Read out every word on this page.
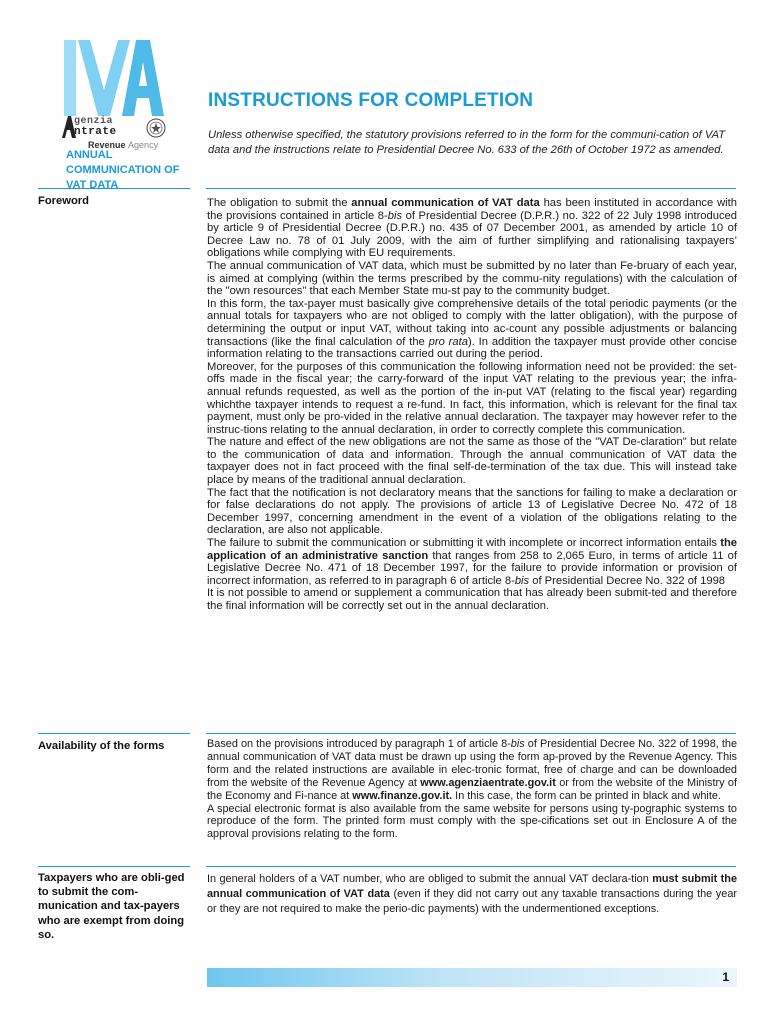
genzia
ntrate
Revenue Agency
ANNUAL COMMUNICATION OF VAT DATA
INSTRUCTIONS FOR COMPLETION
Unless otherwise specified, the statutory provisions referred to in the form for the communi-cation of VAT data and the instructions relate to Presidential Decree No. 633 of the 26th of October 1972 as amended.
Foreword	The obligation to submit the annual communication of VAT data has been instituted in accordance with the provisions contained in article 8-bis of Presidential Decree (D.P.R.) no. 322 of 22 July 1998 introduced by article 9 of Presidential Decree (D.P.R.) no. 435 of 07 December 2001, as amended by article 10 of Decree Law no. 78 of 01 July 2009, with the aim of further simplifying and rationalising taxpayers’ obligations while complying with EU requirements.

The annual communication of VAT data, which must be submitted by no later than Fe-bruary of each year, is aimed at complying (within the terms prescribed by the commu-nity regulations) with the calculation of the "own resources" that each Member State mu-st pay to the community budget.

In this form, the tax-payer must basically give comprehensive details of the total periodic payments (or the annual totals for taxpayers who are not obliged to comply with the latter obligation), with the purpose of determining the output or input VAT, without taking into ac-count any possible adjustments or balancing transactions (like the final calculation of the pro rata). In addition the taxpayer must provide other concise information relating to the transactions carried out during the period.

Moreover, for the purposes of this communication the following information need not be provided: the set-offs made in the fiscal year; the carry-forward of the input VAT relating to the previous year; the infra-annual refunds requested, as well as the portion of the in-put VAT (relating to the fiscal year) regarding whichthe taxpayer intends to request a re-fund. In fact, this information, which is relevant for the final tax payment, must only be pro-vided in the relative annual declaration. The taxpayer may however refer to the instruc-tions relating to the annual declaration, in order to correctly complete this communication.

The nature and effect of the new obligations are not the same as those of the "VAT De-claration" but relate to the communication of data and information. Through the annual communication of VAT data the taxpayer does not in fact proceed with the final self-de-termination of the tax due. This will instead take place by means of the traditional annual declaration.

The fact that the notification is not declaratory means that the sanctions for failing to make a declaration or for false declarations do not apply. The provisions of article 13 of Legislative Decree No. 472 of 18 December 1997, concerning amendment in the event of a violation of the obligations relating to the declaration, are also not applicable.

The failure to submit the communication or submitting it with incomplete or incorrect information entails the application of an administrative sanction that ranges from 258 to 2,065 Euro, in terms of article 11 of Legislative Decree No. 471 of 18 December 1997, for the failure to provide information or provision of incorrect information, as referred to in paragraph 6 of article 8-bis of Presidential Decree No. 322 of 1998

It is not possible to amend or supplement a communication that has already been submit-ted and therefore the final information will be correctly set out in the annual declaration.

Availability of the forms	Based on the provisions introduced by paragraph 1 of article 8-bis of Presidential Decree No. 322 of 1998, the annual communication of VAT data must be drawn up using the form ap-proved by the Revenue Agency. This form and the related instructions are available in elec-tronic format, free of charge and can be downloaded from the website of the Revenue Agency at www.agenziaentrate.gov.it or from the website of the Ministry of the Economy and Fi-nance at www.finanze.gov.it. In this case, the form can be printed in black and white.

A special electronic format is also available from the same website for persons using ty-pographic systems to reproduce of the form. The printed form must comply with the spe-cifications set out in Enclosure A of the approval provisions relating to the form.

Taxpayers who are obli-ged to submit the com-munication and tax-payers who are exempt from doing so.

In general holders of a VAT number, who are obliged to submit the annual VAT declara-tion must submit the annual communication of VAT data (even if they did not carry out any taxable transactions during the year or they are not required to make the perio-dic payments) with the undermentioned exceptions.

1
